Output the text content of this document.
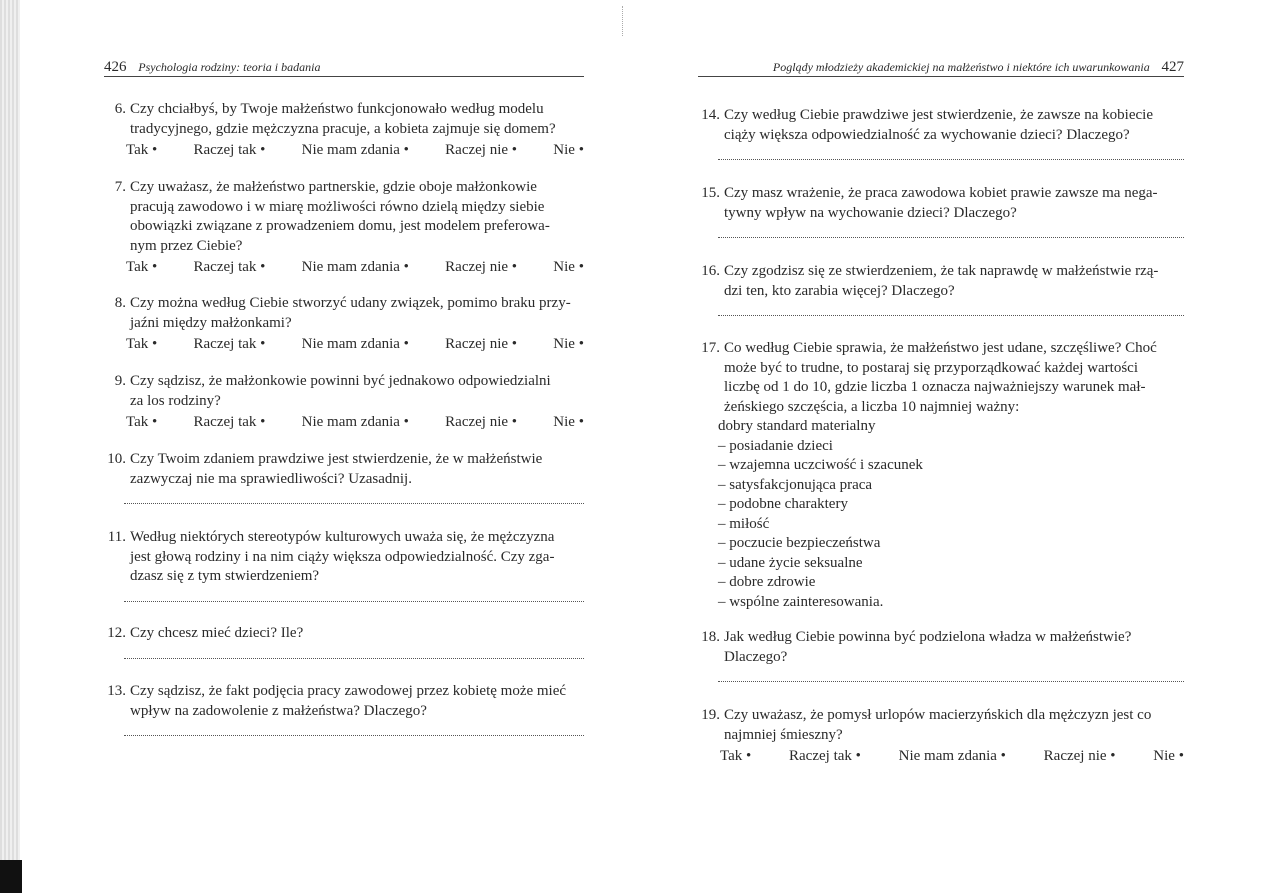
426 Psychologia rodziny: teoria i badania
6. Czy chciałbyś, by Twoje małżeństwo funkcjonowało według modelu
tradycyjnego, gdzie mężczyzna pracuje, a kobieta zajmuje się domem?
Tak • Raczej tak • Nie mam zdania • Raczej nie • Nie •
7. Czy uważasz, że małżeństwo partnerskie, gdzie oboje małżonkowie
pracują zawodowo i w miarę możliwości równo dzielą między siebie
obowiązki związane z prowadzeniem domu, jest modelem preferowa-
nym przez Ciebie?
Tak • Raczej tak • Nie mam zdania • Raczej nie • Nie •
8. Czy można według Ciebie stworzyć udany związek, pomimo braku przy-
jaźni między małżonkami?
Tak • Raczej tak • Nie mam zdania • Raczej nie • Nie •
9. Czy sądzisz, że małżonkowie powinni być jednakowo odpowiedzialni
za los rodziny?
Tak • Raczej tak • Nie mam zdania • Raczej nie • Nie •
10. Czy Twoim zdaniem prawdziwe jest stwierdzenie, że w małżeństwie
zazwyczaj nie ma sprawiedliwości? Uzasadnij.
11. Według niektórych stereotypów kulturowych uważa się, że mężczyzna
jest głową rodziny i na nim ciąży większa odpowiedzialność. Czy zga-
dzasz się z tym stwierdzeniem?
12. Czy chcesz mieć dzieci? Ile?
13. Czy sądzisz, że fakt podjęcia pracy zawodowej przez kobietę może mieć
wpływ na zadowolenie z małżeństwa? Dlaczego?
Poglądy młodzieży akademickiej na małżeństwo i niektóre ich uwarunkowania 427
14. Czy według Ciebie prawdziwe jest stwierdzenie, że zawsze na kobiecie
ciąży większa odpowiedzialność za wychowanie dzieci? Dlaczego?
15. Czy masz wrażenie, że praca zawodowa kobiet prawie zawsze ma nega-
tywny wpływ na wychowanie dzieci? Dlaczego?
16. Czy zgodzisz się ze stwierdzeniem, że tak naprawdę w małżeństwie rzą-
dzi ten, kto zarabia więcej? Dlaczego?
17. Co według Ciebie sprawia, że małżeństwo jest udane, szczęśliwe? Choć
może być to trudne, to postaraj się przyporządkować każdej wartości
liczbę od 1 do 10, gdzie liczba 1 oznacza najważniejszy warunek mał-
żeńskiego szczęścia, a liczba 10 najmniej ważny:
dobry standard materialny
– posiadanie dzieci
– wzajemna uczciwość i szacunek
– satysfakcjonująca praca
– podobne charaktery
– miłość
– poczucie bezpieczeństwa
– udane życie seksualne
– dobre zdrowie
– wspólne zainteresowania.
18. Jak według Ciebie powinna być podzielona władza w małżeństwie?
Dlaczego?
19. Czy uważasz, że pomysł urlopów macierzyńskich dla mężczyzn jest co
najmniej śmieszny?
Tak •	Raczej tak •	Nie mam zdania •	Raczej nie •	Nie •
